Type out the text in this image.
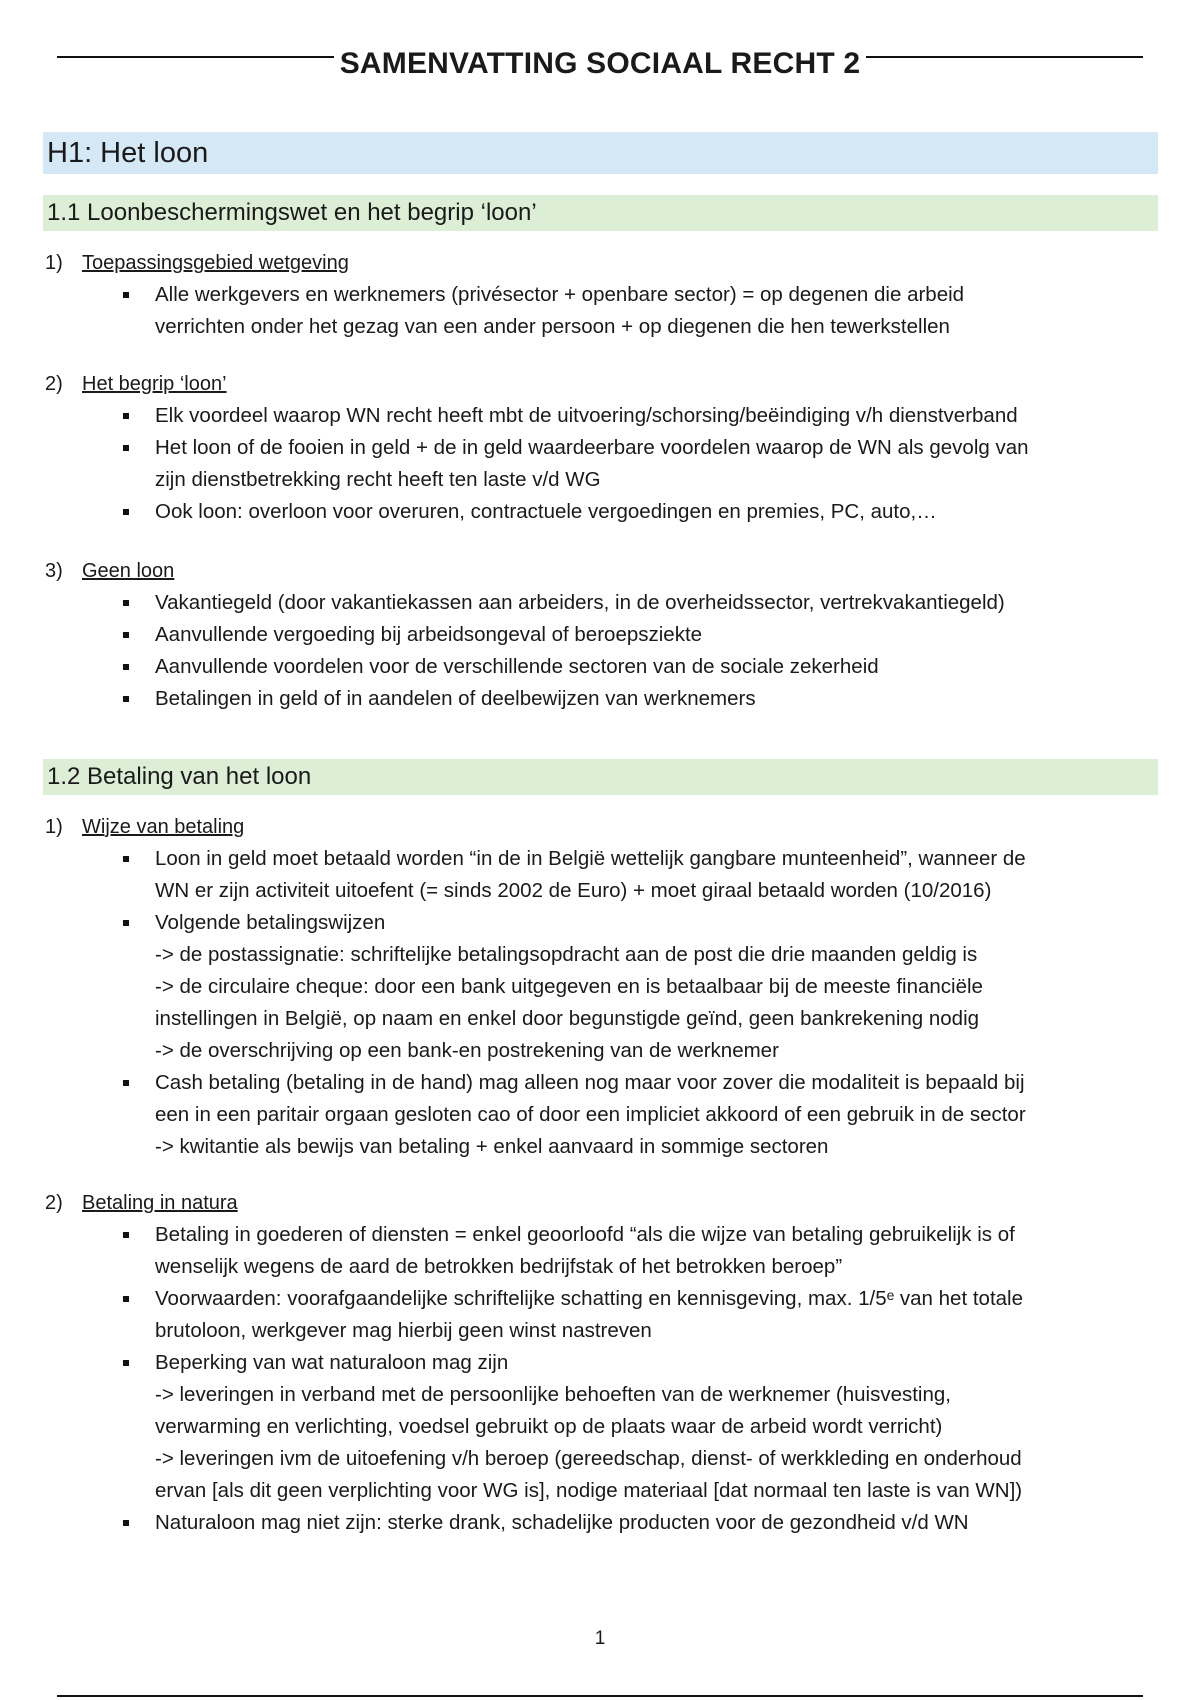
SAMENVATTING SOCIAAL RECHT 2
H1: Het loon
1.1 Loonbeschermingswet en het begrip ‘loon’
1) Toepassingsgebied wetgeving
Alle werkgevers en werknemers (privésector + openbare sector) = op degenen die arbeid
verrichten onder het gezag van een ander persoon + op diegenen die hen tewerkstellen
2) Het begrip ‘loon’
Elk voordeel waarop WN recht heeft mbt de uitvoering/schorsing/beëindiging v/h dienstverband
Het loon of de fooien in geld + de in geld waardeerbare voordelen waarop de WN als gevolg van
zijn dienstbetrekking recht heeft ten laste v/d WG
Ook loon: overloon voor overuren, contractuele vergoedingen en premies, PC, auto,…
3) Geen loon
Vakantiegeld (door vakantiekassen aan arbeiders, in de overheidssector, vertrekvakantiegeld)
Aanvullende vergoeding bij arbeidsongeval of beroepsziekte
Aanvullende voordelen voor de verschillende sectoren van de sociale zekerheid
Betalingen in geld of in aandelen of deelbewijzen van werknemers
1.2 Betaling van het loon
1) Wijze van betaling
Loon in geld moet betaald worden “in de in België wettelijk gangbare munteenheid”, wanneer de
WN er zijn activiteit uitoefent (= sinds 2002 de Euro) + moet giraal betaald worden (10/2016)
Volgende betalingswijzen
-> de postassignatie: schriftelijke betalingsopdracht aan de post die drie maanden geldig is
-> de circulaire cheque: door een bank uitgegeven en is betaalbaar bij de meeste financiële
instellingen in België, op naam en enkel door begunstigde geïnd, geen bankrekening nodig
-> de overschrijving op een bank-en postrekening van de werknemer
Cash betaling (betaling in de hand) mag alleen nog maar voor zover die modaliteit is bepaald bij
een in een paritair orgaan gesloten cao of door een impliciet akkoord of een gebruik in de sector
-> kwitantie als bewijs van betaling + enkel aanvaard in sommige sectoren
2) Betaling in natura
Betaling in goederen of diensten = enkel geoorloofd “als die wijze van betaling gebruikelijk is of
wenselijk wegens de aard de betrokken bedrijfstak of het betrokken beroep”
Voorwaarden: voorafgaandelijke schriftelijke schatting en kennisgeving, max. 1/5ᵉ van het totale
brutoloon, werkgever mag hierbij geen winst nastreven
Beperking van wat naturaloon mag zijn
-> leveringen in verband met de persoonlijke behoeften van de werknemer (huisvesting,
verwarming en verlichting, voedsel gebruikt op de plaats waar de arbeid wordt verricht)
-> leveringen ivm de uitoefening v/h beroep (gereedschap, dienst- of werkkleding en onderhoud
ervan [als dit geen verplichting voor WG is], nodige materiaal [dat normaal ten laste is van WN])
Naturaloon mag niet zijn: sterke drank, schadelijke producten voor de gezondheid v/d WN
1
